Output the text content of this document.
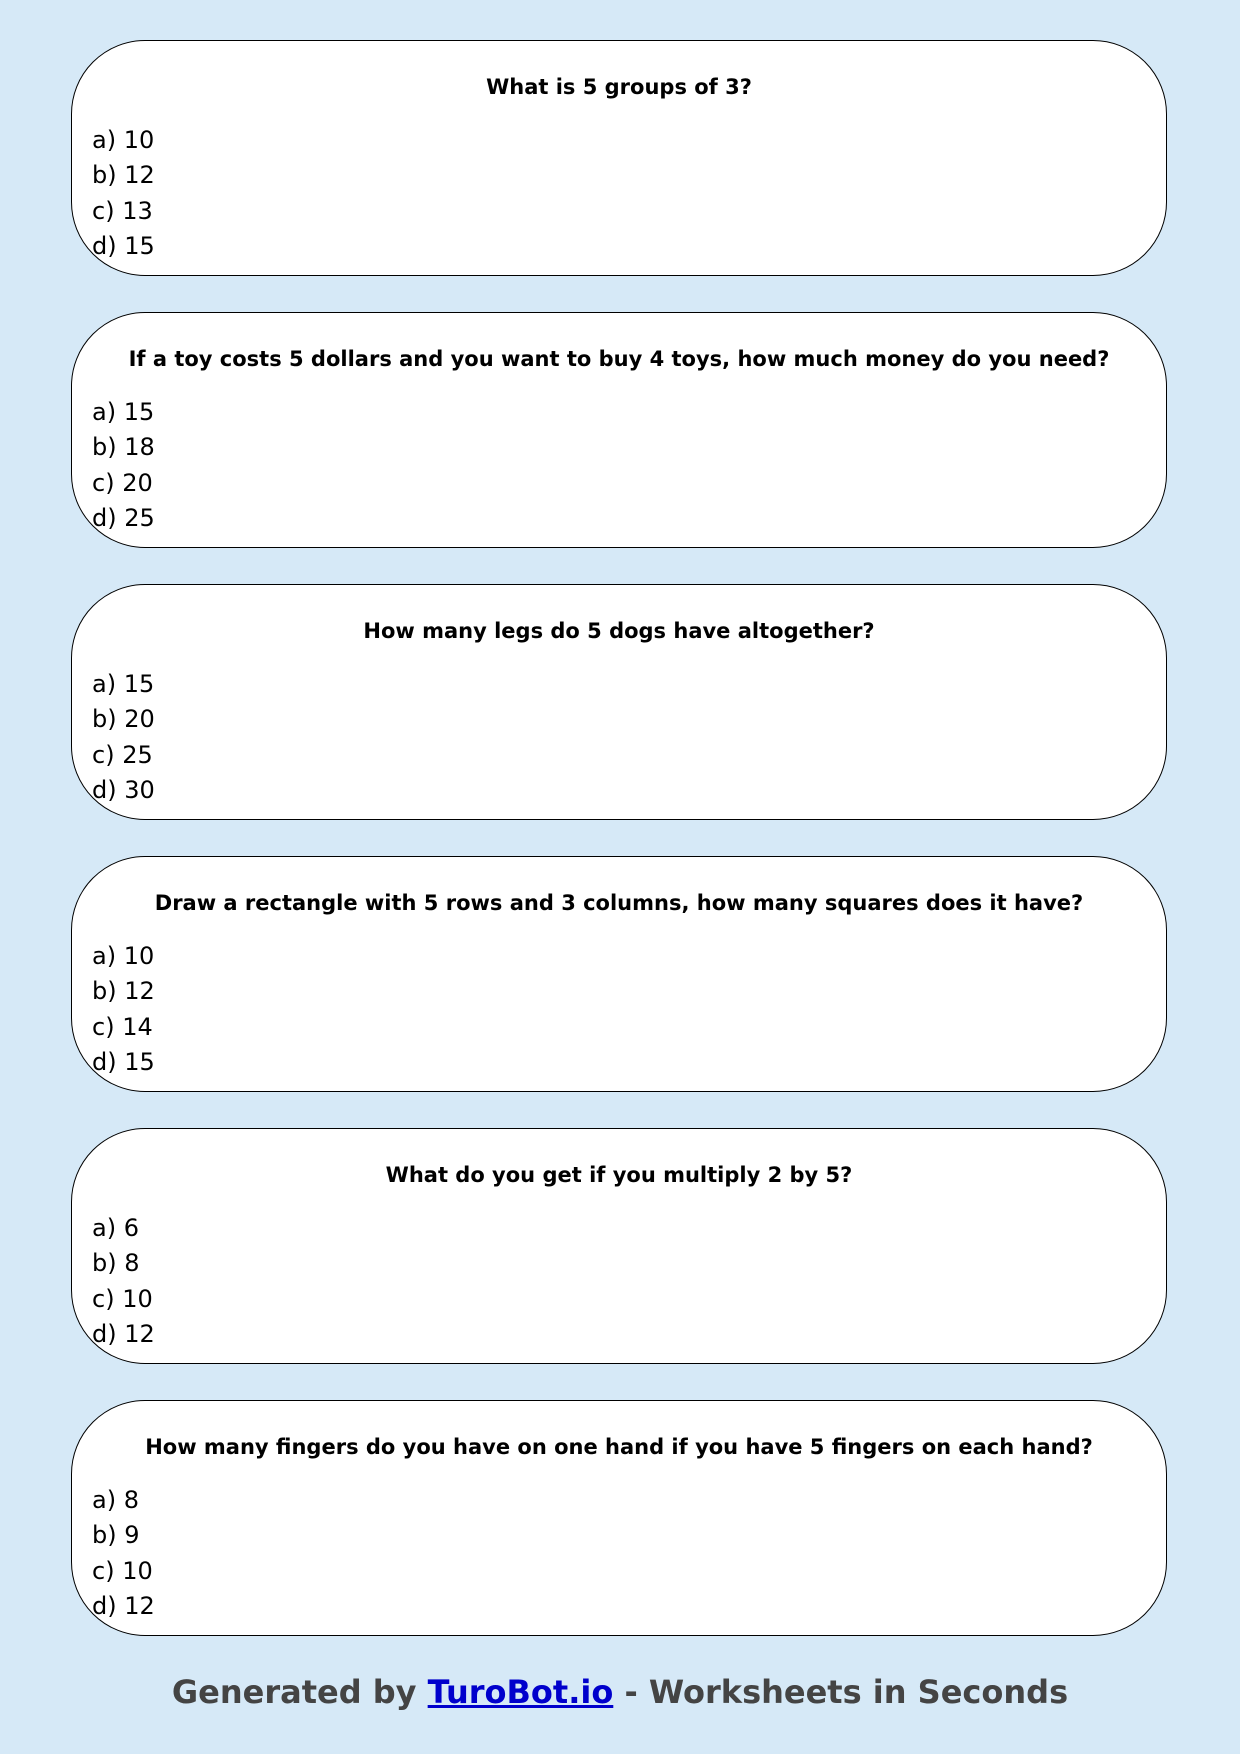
What is 5 groups of 3?
a) 10
b) 12
c) 13
d) 15
If a toy costs 5 dollars and you want to buy 4 toys, how much money do you need?
a) 15
b) 18
c) 20
d) 25
How many legs do 5 dogs have altogether?
a) 15
b) 20
c) 25
d) 30
Draw a rectangle with 5 rows and 3 columns, how many squares does it have?
a) 10
b) 12
c) 14
d) 15
What do you get if you multiply 2 by 5?
a) 6
b) 8
c) 10
d) 12
How many fingers do you have on one hand if you have 5 fingers on each hand?
a) 8
b) 9
c) 10
d) 12
Generated by TuroBot.io - Worksheets in Seconds
